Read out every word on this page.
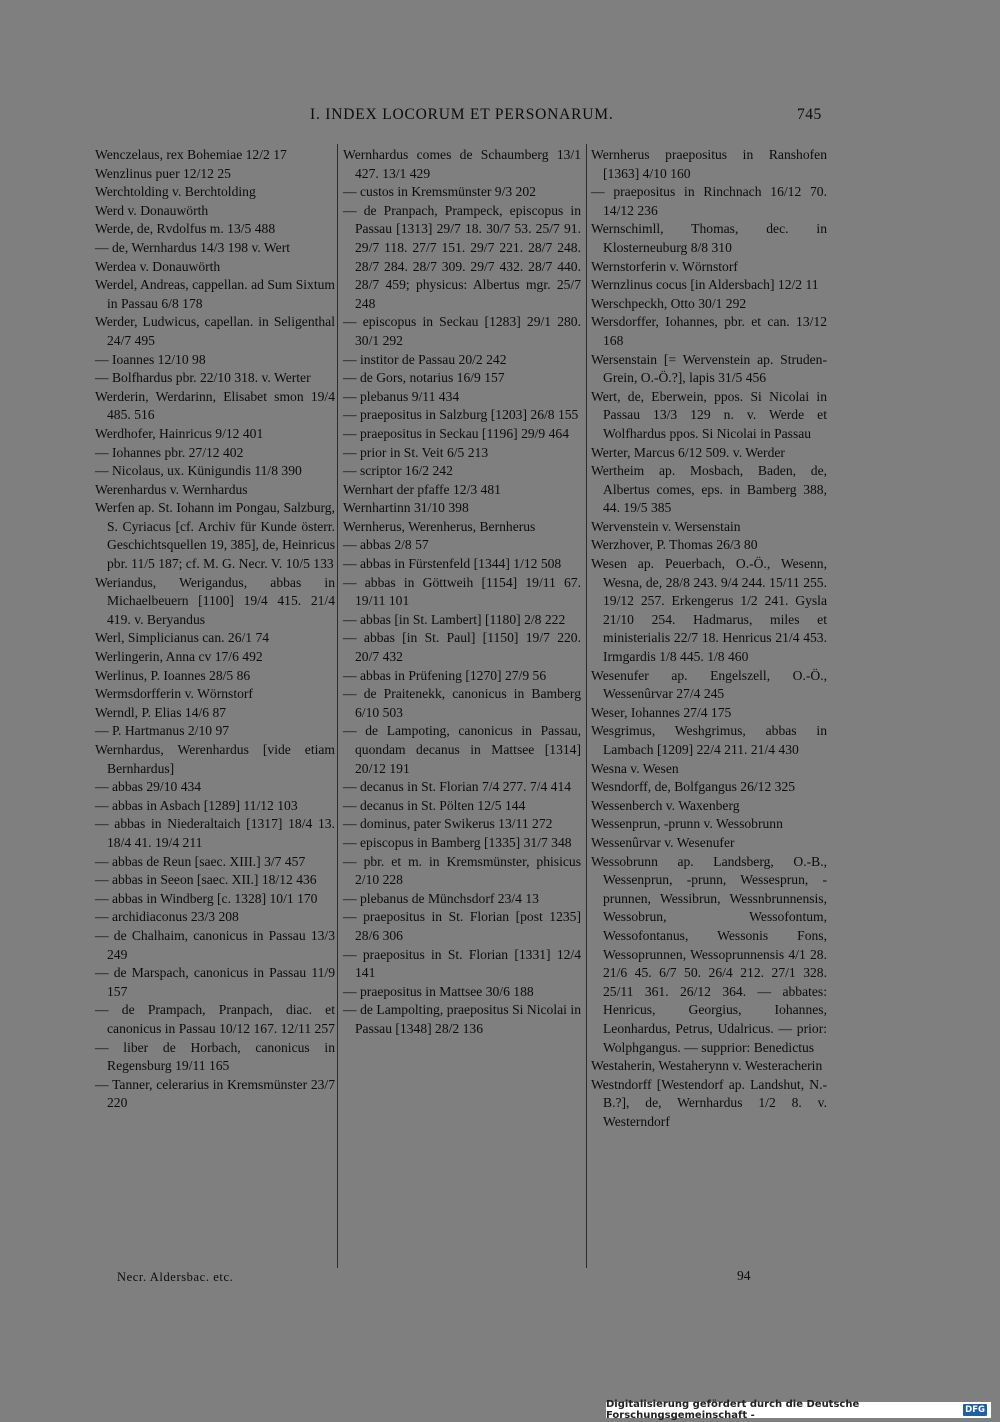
I. INDEX LOCORUM ET PERSONARUM.	745
Wenczelaus, rex Bohemiae 12/2 17
Wenzlinus puer 12/12 25
Werchtolding v. Berchtolding
Werd v. Donauwörth
Werde, de, Rvdolfus m. 13/5 488
— de, Wernhardus 14/3 198 v. Wert
Werdea v. Donauwörth
Werdel, Andreas, cappellan. ad Sum Sixtum in Passau 6/8 178
Werder, Ludwicus, capellan. in Seligenthal 24/7 495
— Ioannes 12/10 98
— Bolfhardus pbr. 22/10 318. v. Werter
Werderin, Werdarinn, Elisabet smon 19/4 485. 516
Werdhofer, Hainricus 9/12 401
— Iohannes pbr. 27/12 402
— Nicolaus, ux. Künigundis 11/8 390
Werenhardus v. Wernhardus
Werfen ap. St. Iohann im Pongau, Salzburg, S. Cyriacus [cf. Archiv für Kunde österr. Geschichtsquellen 19, 385], de, Heinricus pbr. 11/5 187; cf. M. G. Necr. V. 10/5 133
Weriandus, Werigandus, abbas in Michaelbeuern [1100] 19/4 415. 21/4 419. v. Beryandus
Werl, Simplicianus can. 26/1 74
Werlingerin, Anna cv 17/6 492
Werlinus, P. Ioannes 28/5 86
Wermsdorfferin v. Wörnstorf
Werndl, P. Elias 14/6 87
— P. Hartmanus 2/10 97
Wernhardus, Werenhardus [vide etiam Bernhardus]
— abbas 29/10 434
— abbas in Asbach [1289] 11/12 103
— abbas in Niederaltaich [1317] 18/4 13. 18/4 41. 19/4 211
— abbas de Reun [saec. XIII.] 3/7 457
— abbas in Seeon [saec. XII.] 18/12 436
— abbas in Windberg [c. 1328] 10/1 170
— archidiaconus 23/3 208
— de Chalhaim, canonicus in Passau 13/3 249
— de Marspach, canonicus in Passau 11/9 157
— de Prampach, Pranpach, diac. et canonicus in Passau 10/12 167. 12/11 257
— liber de Horbach, canonicus in Regensburg 19/11 165
— Tanner, celerarius in Kremsmünster 23/7 220
Wernhardus comes de Schaumberg 13/1 427. 13/1 429
— custos in Kremsmünster 9/3 202
— de Pranpach, Prampeck, episcopus in Passau [1313] 29/7 18. 30/7 53. 25/7 91. 29/7 118. 27/7 151. 29/7 221. 28/7 248. 28/7 284. 28/7 309. 29/7 432. 28/7 440. 28/7 459; physicus: Albertus mgr. 25/7 248
— episcopus in Seckau [1283] 29/1 280. 30/1 292
— institor de Passau 20/2 242
— de Gors, notarius 16/9 157
— plebanus 9/11 434
— praepositus in Salzburg [1203] 26/8 155
— praepositus in Seckau [1196] 29/9 464
— prior in St. Veit 6/5 213
— scriptor 16/2 242
Wernhart der pfaffe 12/3 481
Wernhartinn 31/10 398
Wernherus, Werenherus, Bernherus
— abbas 2/8 57
— abbas in Fürstenfeld [1344] 1/12 508
— abbas in Göttweih [1154] 19/11 67. 19/11 101
— abbas [in St. Lambert] [1180] 2/8 222
— abbas [in St. Paul] [1150] 19/7 220. 20/7 432
— abbas in Prüfening [1270] 27/9 56
— de Praitenekk, canonicus in Bamberg 6/10 503
— de Lampoting, canonicus in Passau, quondam decanus in Mattsee [1314] 20/12 191
— decanus in St. Florian 7/4 277. 7/4 414
— decanus in St. Pölten 12/5 144
— dominus, pater Swikerus 13/11 272
— episcopus in Bamberg [1335] 31/7 348
— pbr. et m. in Kremsmünster, phisicus 2/10 228
— plebanus de Münchsdorf 23/4 13
— praepositus in St. Florian [post 1235] 28/6 306
— praepositus in St. Florian [1331] 12/4 141
— praepositus in Mattsee 30/6 188
— de Lampolting, praepositus Si Nicolai in Passau [1348] 28/2 136
Wernherus praepositus in Ranshofen [1363] 4/10 160
— praepositus in Rinchnach 16/12 70. 14/12 236
Wernschimll, Thomas, dec. in Klosterneuburg 8/8 310
Wernstorferin v. Wörnstorf
Wernzlinus cocus [in Aldersbach] 12/2 11
Werschpeckh, Otto 30/1 292
Wersdorffer, Iohannes, pbr. et can. 13/12 168
Wersenstain [= Wervenstein ap. Struden-Grein, O.-Ö.?], lapis 31/5 456
Wert, de, Eberwein, ppos. Si Nicolai in Passau 13/3 129 n. v. Werde et Wolfhardus ppos. Si Nicolai in Passau
Werter, Marcus 6/12 509. v. Werder
Wertheim ap. Mosbach, Baden, de, Albertus comes, eps. in Bamberg 388, 44. 19/5 385
Wervenstein v. Wersenstain
Werzhover, P. Thomas 26/3 80
Wesen ap. Peuerbach, O.-Ö., Wesenn, Wesna, de, 28/8 243. 9/4 244. 15/11 255. 19/12 257. Erkengerus 1/2 241. Gysla 21/10 254. Hadmarus, miles et ministerialis 22/7 18. Henricus 21/4 453. Irmgardis 1/8 445. 1/8 460
Wesenufer ap. Engelszell, O.-Ö., Wessenûrvar 27/4 245
Weser, Iohannes 27/4 175
Wesgrimus, Weshgrimus, abbas in Lambach [1209] 22/4 211. 21/4 430
Wesna v. Wesen
Wesndorff, de, Bolfgangus 26/12 325
Wessenberch v. Waxenberg
Wessenprun, -prunn v. Wessobrunn
Wessenûrvar v. Wesenufer
Wessobrunn ap. Landsberg, O.-B., Wessenprun, -prunn, Wessesprun, -prunnen, Wessibrun, Wessnbrunnensis, Wessobrun, Wessofontum, Wessofontanus, Wessonis Fons, Wessoprunnen, Wessoprunnensis 4/1 28. 21/6 45. 6/7 50. 26/4 212. 27/1 328. 25/11 361. 26/12 364. — abbates: Henricus, Georgius, Iohannes, Leonhardus, Petrus, Udalricus. — prior: Wolphgangus. — supprior: Benedictus
Westaherin, Westaherynn v. Westeracherin
Westndorff [Westendorf ap. Landshut, N.-B.?], de, Wernhardus 1/2 8. v. Westerndorf
Necr. Aldersbac. etc.	94
Digitalisierung gefördert durch die Deutsche Forschungsgemeinschaft -	DFG
